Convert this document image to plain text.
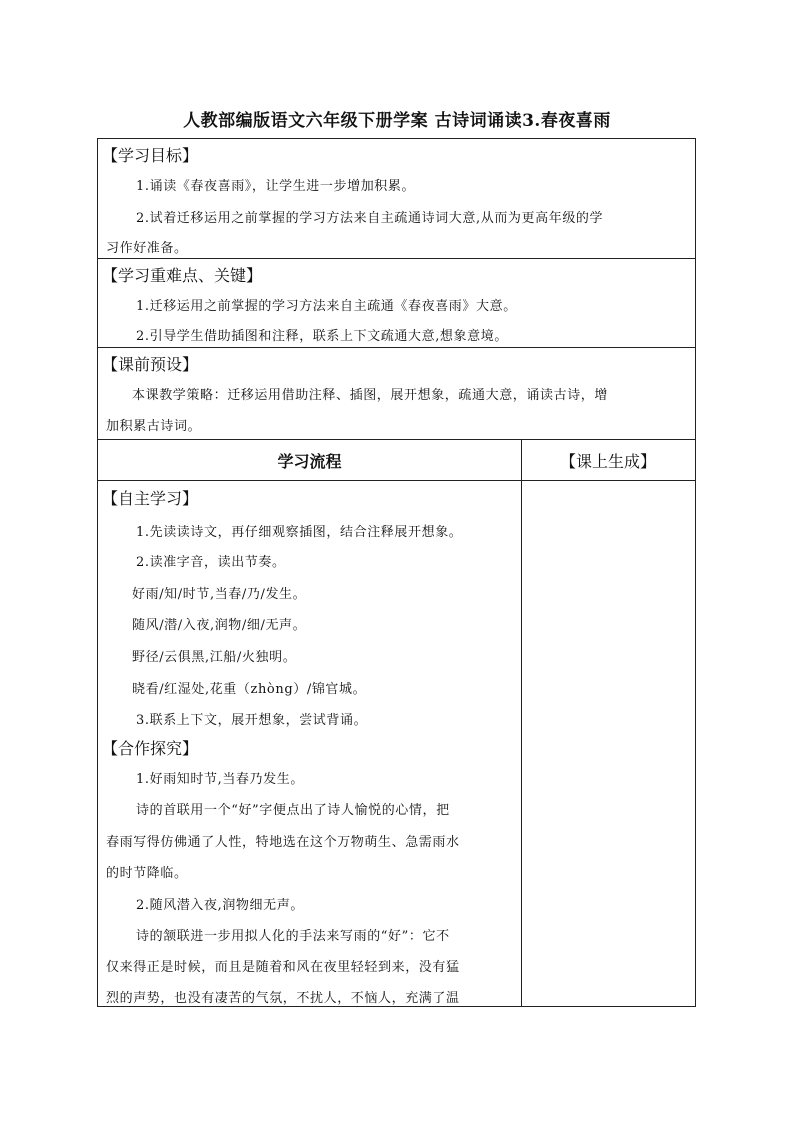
人教部编版语文六年级下册学案 古诗词诵读3.春夜喜雨
【学习目标】
1.诵读《春夜喜雨》，让学生进一步增加积累。
2.试着迁移运用之前掌握的学习方法来自主疏通诗词大意,从而为更高年级的学
习作好准备。
【学习重难点、关键】
1.迁移运用之前掌握的学习方法来自主疏通《春夜喜雨》大意。
2.引导学生借助插图和注释，联系上下文疏通大意,想象意境。
【课前预设】
本课教学策略：迁移运用借助注释、插图，展开想象，疏通大意，诵读古诗，增
加积累古诗词。
学习流程	【课上生成】
【自主学习】
1.先读读诗文，再仔细观察插图，结合注释展开想象。
2.读准字音，读出节奏。
好雨/知/时节,当春/乃/发生。
随风/潜/入夜,润物/细/无声。
野径/云俱黑,江船/火独明。
晓看/红湿处,花重（zhòng）/锦官城。
3.联系上下文，展开想象，尝试背诵。
【合作探究】
1.好雨知时节,当春乃发生。
诗的首联用一个“好”字便点出了诗人愉悦的心情，把
春雨写得仿佛通了人性，特地选在这个万物萌生、急需雨水
的时节降临。
2.随风潜入夜,润物细无声。
诗的颔联进一步用拟人化的手法来写雨的“好”：它不
仅来得正是时候，而且是随着和风在夜里轻轻到来，没有猛
烈的声势，也没有凄苦的气氛，不扰人，不恼人，充满了温
